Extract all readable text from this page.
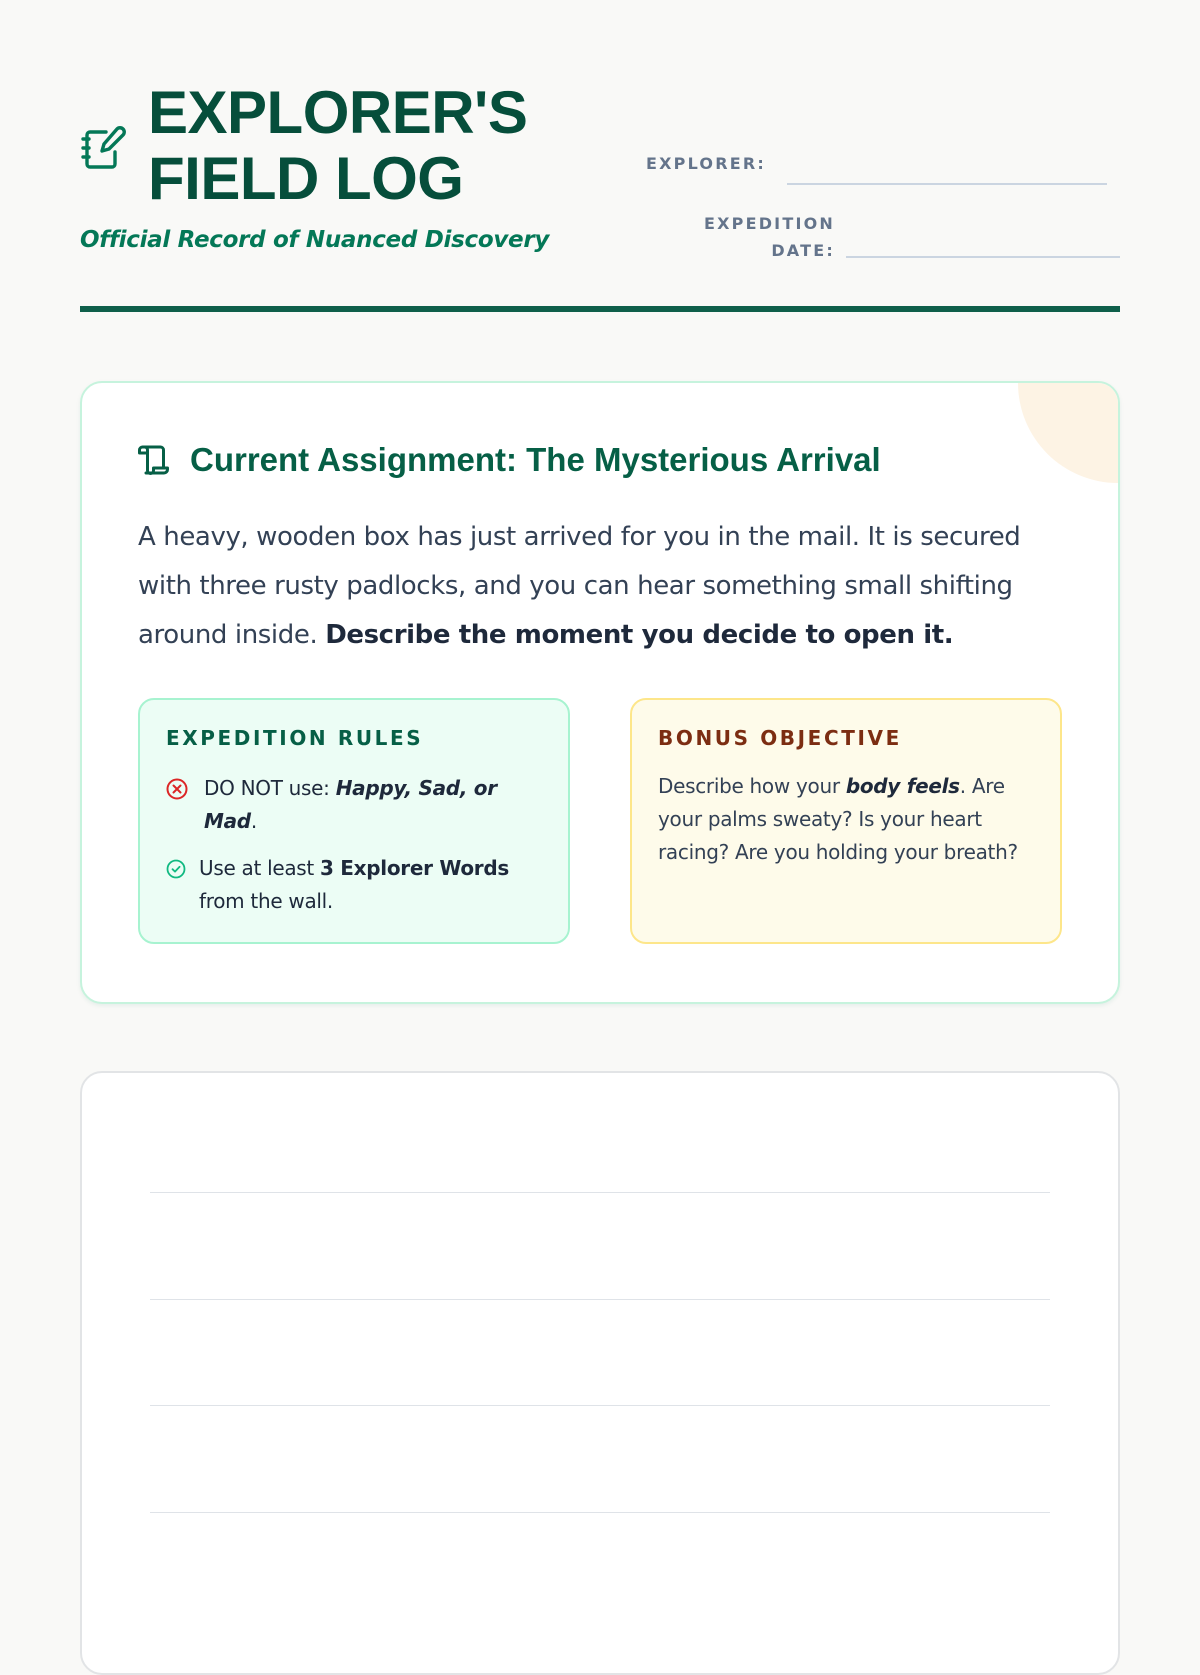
EXPLORER'S
FIELD LOG

Official Record of Nuanced Discovery

EXPLORER:
EXPEDITION
DATE:
Current Assignment: The Mysterious Arrival

A heavy, wooden box has just arrived for you in the mail. It is secured with three rusty padlocks, and you can hear something small shifting around inside. Describe the moment you decide to open it.

EXPEDITION RULES
DO NOT use: Happy, Sad, or Mad.
Use at least 3 Explorer Words
from the wall.
BONUS OBJECTIVE

Describe how your body feels. Are your palms sweaty? Is your heart racing? Are you holding your breath?
